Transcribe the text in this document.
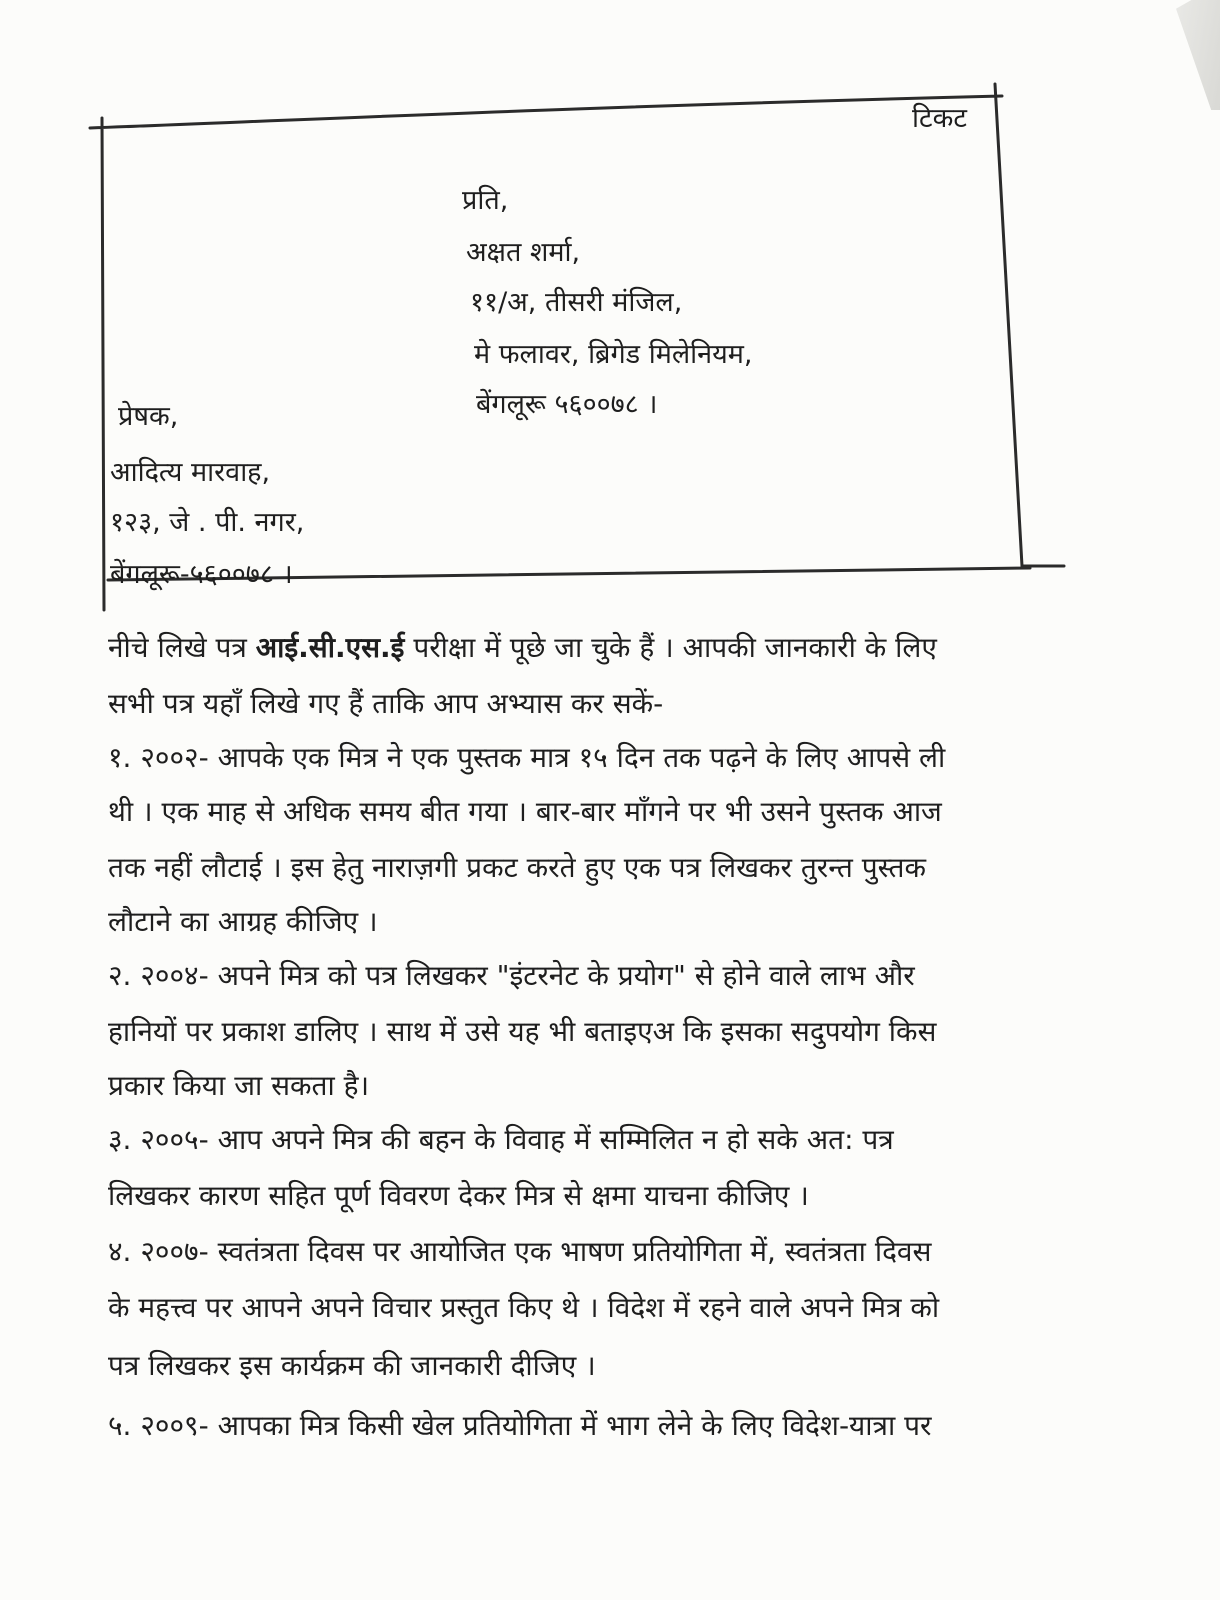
टिकट

प्रति,

अक्षत शर्मा,

११/अ, तीसरी मंजिल,

मे फलावर, ब्रिगेड मिलेनियम,

बेंगलूरू ५६००७८ ।

प्रेषक,

आदित्य मारवाह,

१२३, जे . पी. नगर,

बेंगलूरू-५६००७८ ।

नीचे लिखे पत्र आई.सी.एस.ई परीक्षा में पूछे जा चुके हैं । आपकी जानकारी के लिए

सभी पत्र यहाँ लिखे गए हैं ताकि आप अभ्यास कर सकें-

१. २००२- आपके एक मित्र ने एक पुस्तक मात्र १५ दिन तक पढ़ने के लिए आपसे ली

थी । एक माह से अधिक समय बीत गया । बार-बार माँगने पर भी उसने पुस्तक आज

तक नहीं लौटाई । इस हेतु नाराज़गी प्रकट करते हुए एक पत्र लिखकर तुरन्त पुस्तक

लौटाने का आग्रह कीजिए ।

२. २००४- अपने मित्र को पत्र लिखकर "इंटरनेट के प्रयोग" से होने वाले लाभ और

हानियों पर प्रकाश डालिए । साथ में उसे यह भी बताइएअ कि इसका सदुपयोग किस

प्रकार किया जा सकता है।

३. २००५- आप अपने मित्र की बहन के विवाह में सम्मिलित न हो सके अत: पत्र

लिखकर कारण सहित पूर्ण विवरण देकर मित्र से क्षमा याचना कीजिए ।

४. २००७- स्वतंत्रता दिवस पर आयोजित एक भाषण प्रतियोगिता में, स्वतंत्रता दिवस

के महत्त्व पर आपने अपने विचार प्रस्तुत किए थे । विदेश में रहने वाले अपने मित्र को

पत्र लिखकर इस कार्यक्रम की जानकारी दीजिए ।

५. २००९- आपका मित्र किसी खेल प्रतियोगिता में भाग लेने के लिए विदेश-यात्रा पर
